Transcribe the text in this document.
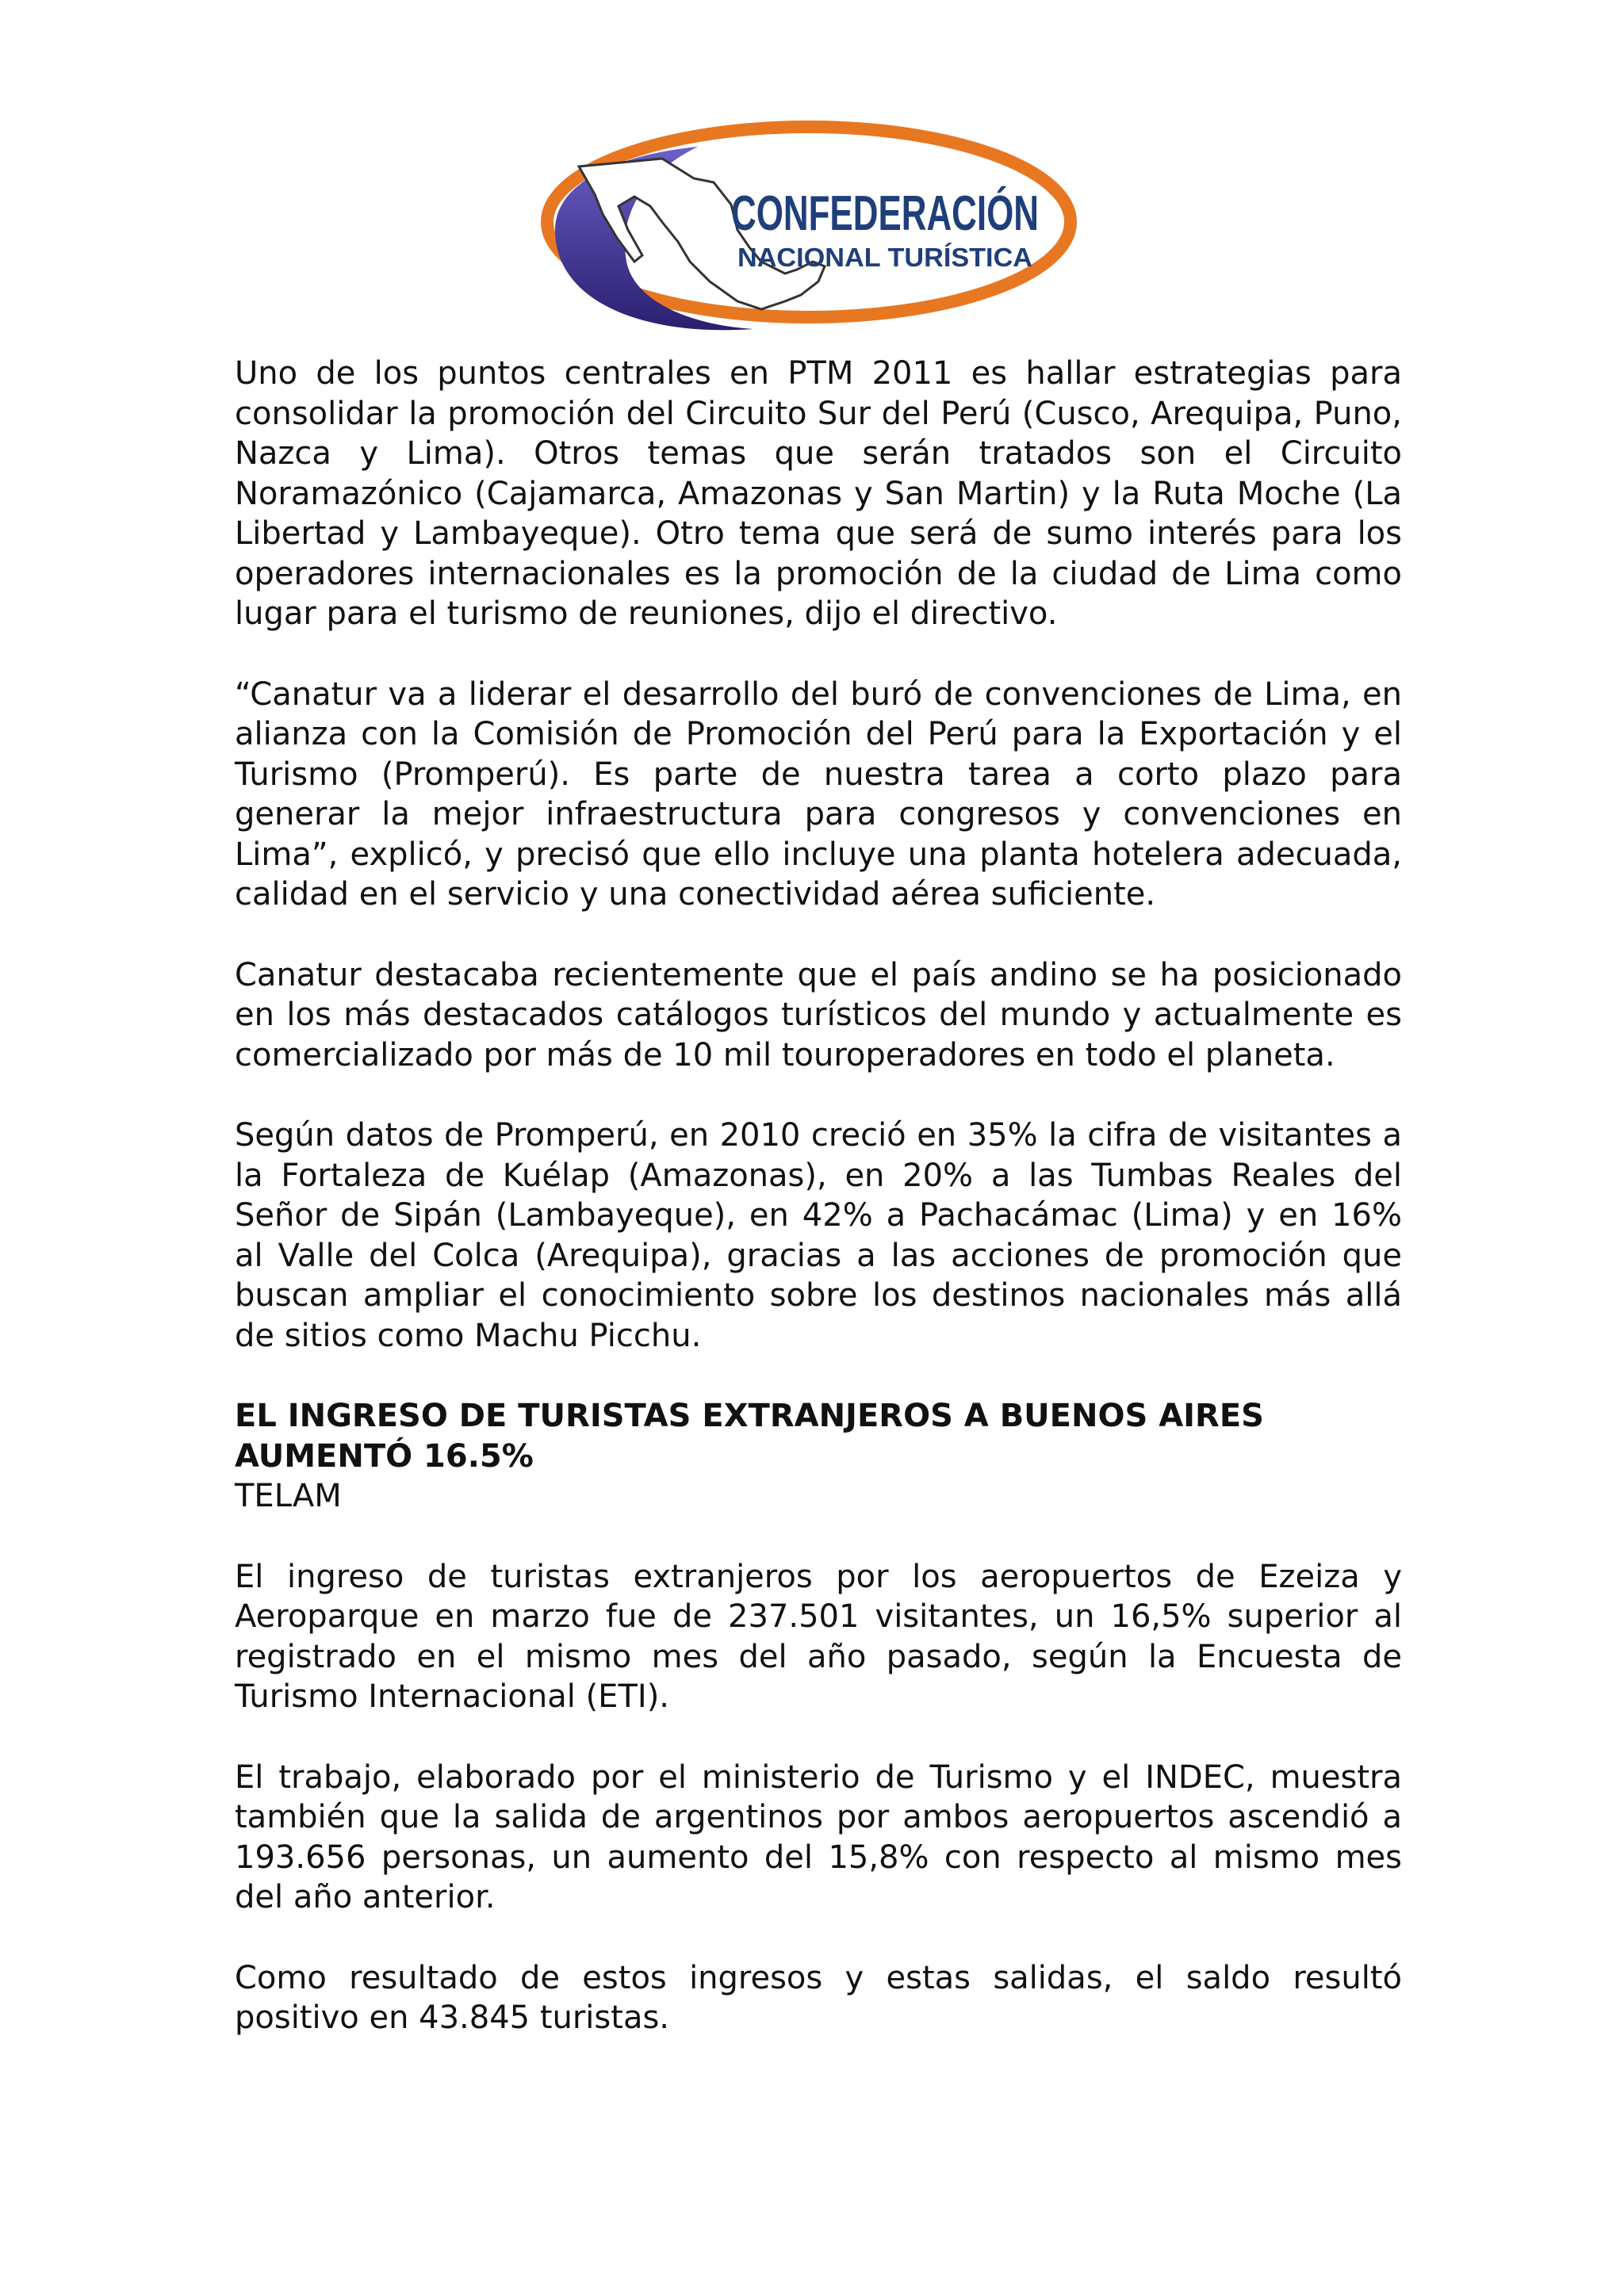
CONFEDERACIÓN
NACIONAL TURÍSTICA

Uno de los puntos centrales en PTM 2011 es hallar estrategias para consolidar la promoción del Circuito Sur del Perú (Cusco, Arequipa, Puno, Nazca y Lima). Otros temas que serán tratados son el Circuito Noramazónico (Cajamarca, Amazonas y San Martin) y la Ruta Moche (La Libertad y Lambayeque). Otro tema que será de sumo interés para los operadores internacionales es la promoción de la ciudad de Lima como lugar para el turismo de reuniones, dijo el directivo.

“Canatur va a liderar el desarrollo del buró de convenciones de Lima, en alianza con la Comisión de Promoción del Perú para la Exportación y el Turismo (Promperú). Es parte de nuestra tarea a corto plazo para generar la mejor infraestructura para congresos y convenciones en Lima”, explicó, y precisó que ello incluye una planta hotelera adecuada, calidad en el servicio y una conectividad aérea suficiente.

Canatur destacaba recientemente que el país andino se ha posicionado en los más destacados catálogos turísticos del mundo y actualmente es comercializado por más de 10 mil touroperadores en todo el planeta.

Según datos de Promperú, en 2010 creció en 35% la cifra de visitantes a la Fortaleza de Kuélap (Amazonas), en 20% a las Tumbas Reales del Señor de Sipán (Lambayeque), en 42% a Pachacámac (Lima) y en 16% al Valle del Colca (Arequipa), gracias a las acciones de promoción que buscan ampliar el conocimiento sobre los destinos nacionales más allá de sitios como Machu Picchu.

EL INGRESO DE TURISTAS EXTRANJEROS A BUENOS AIRES AUMENTÓ 16.5%
TELAM

El ingreso de turistas extranjeros por los aeropuertos de Ezeiza y Aeroparque en marzo fue de 237.501 visitantes, un 16,5% superior al registrado en el mismo mes del año pasado, según la Encuesta de Turismo Internacional (ETI).

El trabajo, elaborado por el ministerio de Turismo y el INDEC, muestra también que la salida de argentinos por ambos aeropuertos ascendió a 193.656 personas, un aumento del 15,8% con respecto al mismo mes del año anterior.

Como resultado de estos ingresos y estas salidas, el saldo resultó positivo en 43.845 turistas.
